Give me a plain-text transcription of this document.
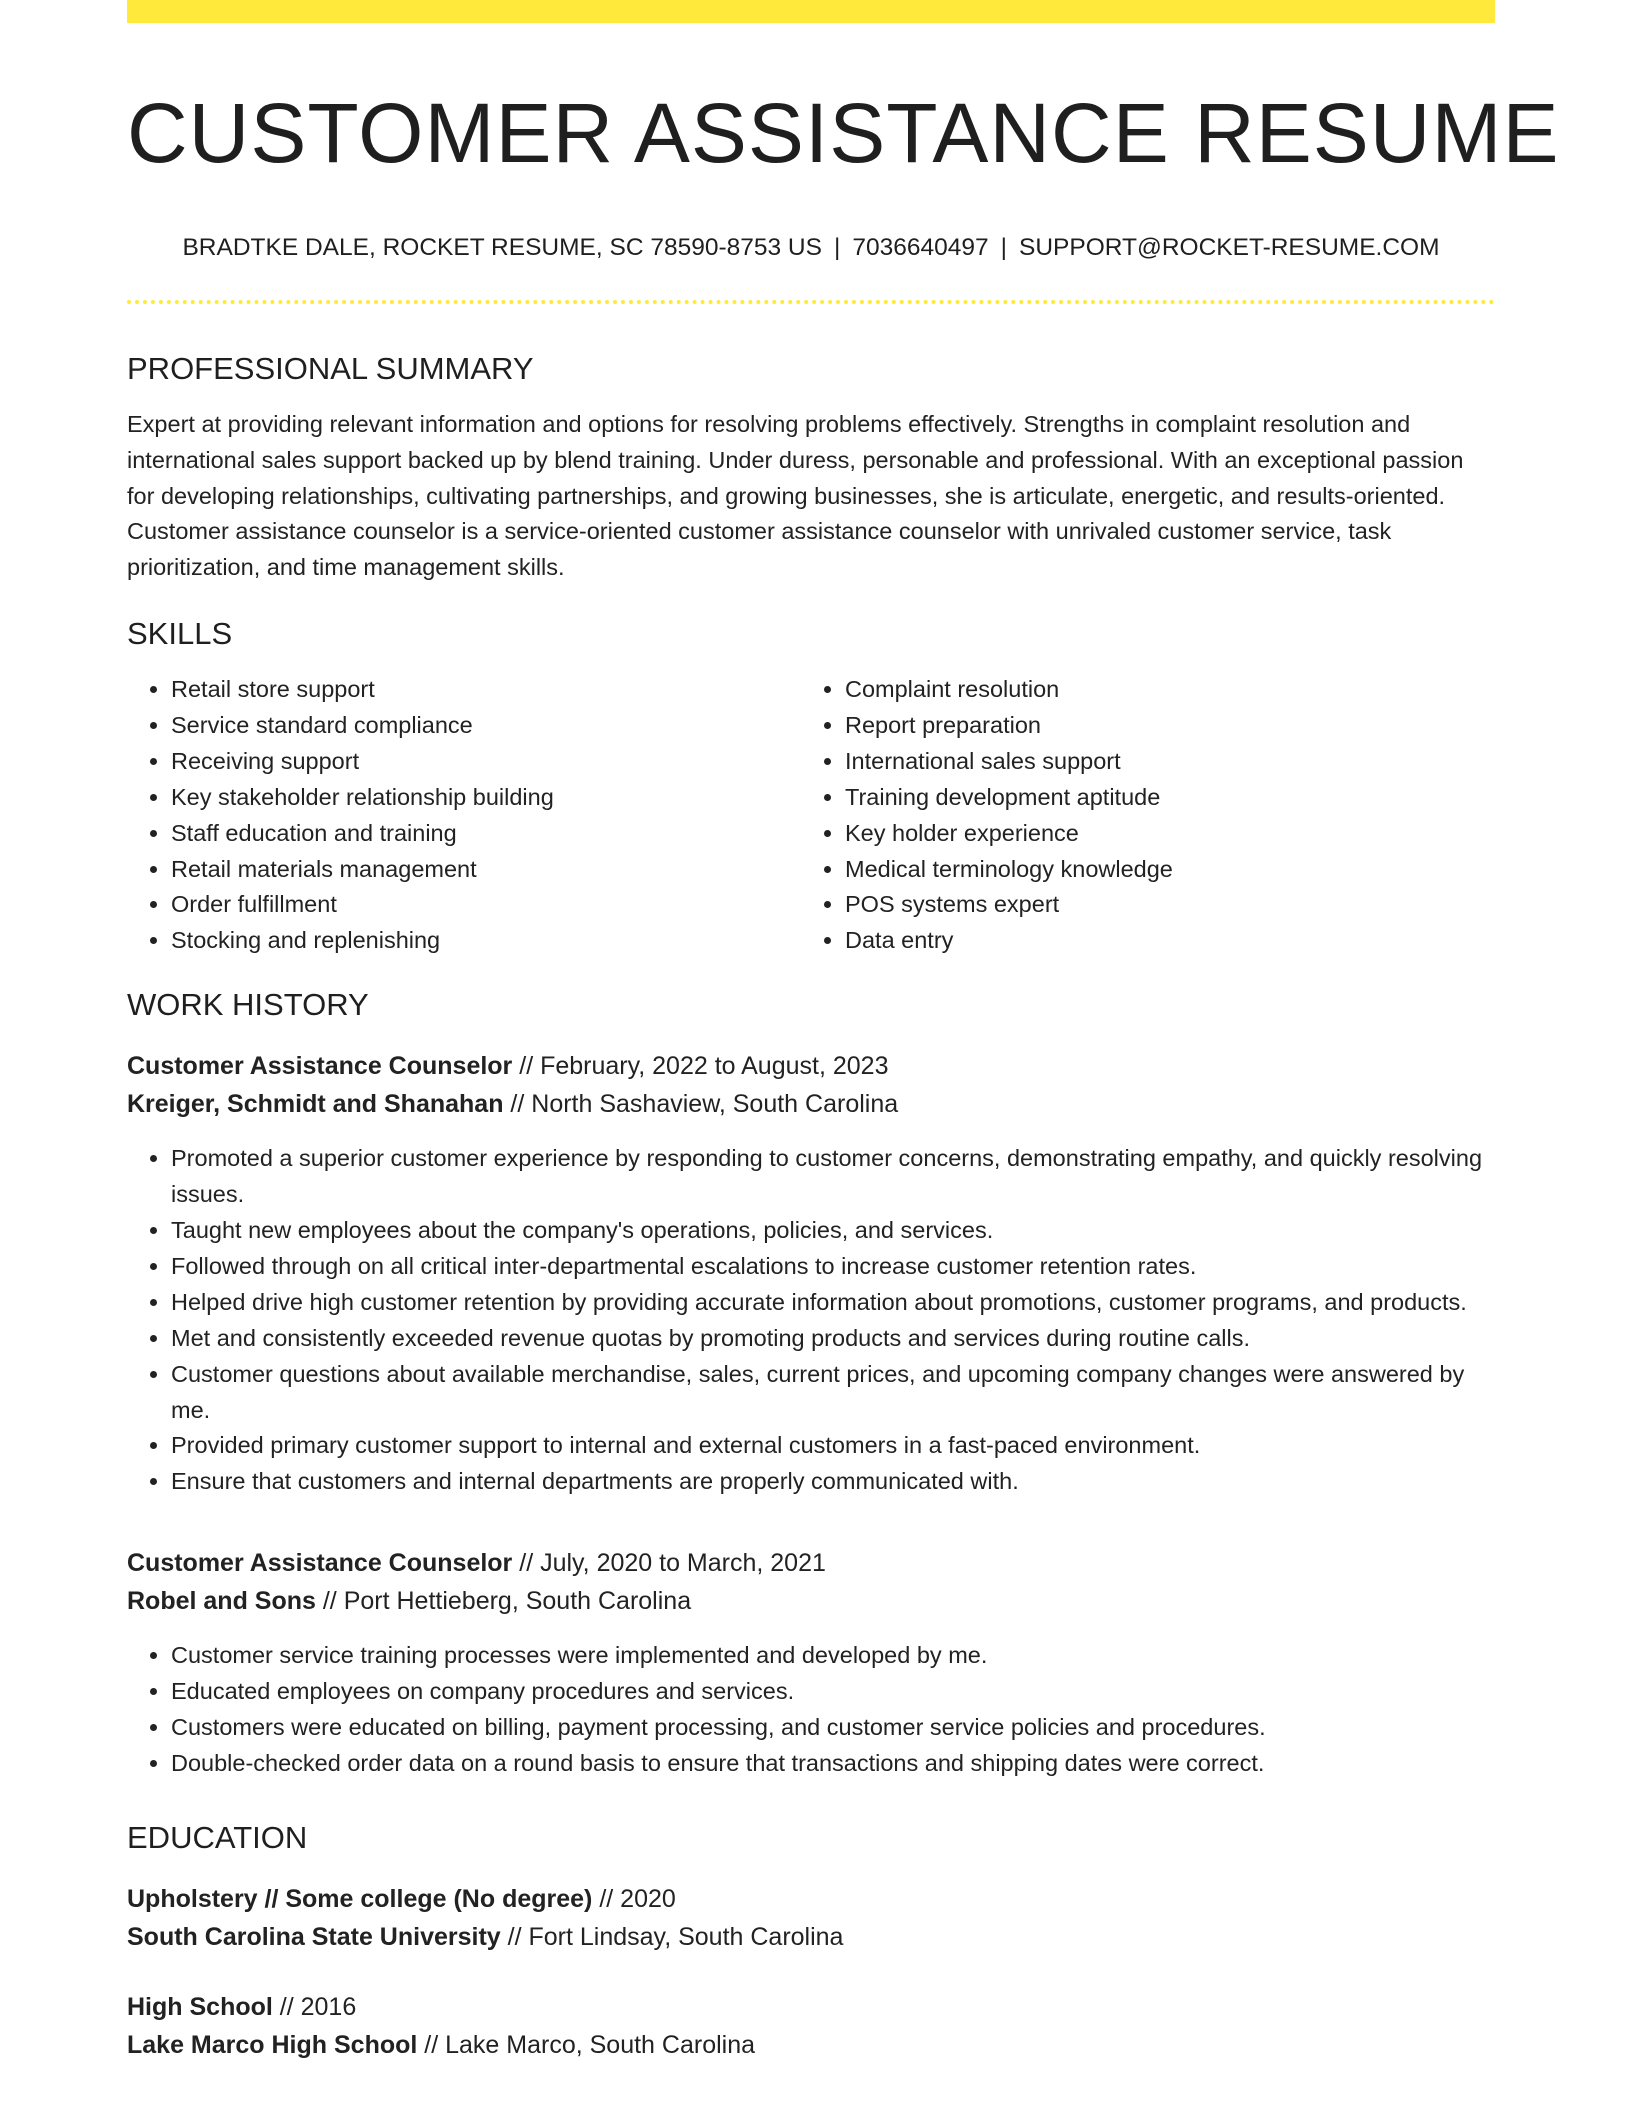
CUSTOMER ASSISTANCE RESUME
BRADTKE DALE, ROCKET RESUME, SC 78590-8753 US | 7036640497 | SUPPORT@ROCKET-RESUME.COM
PROFESSIONAL SUMMARY
Expert at providing relevant information and options for resolving problems effectively. Strengths in complaint resolution and international sales support backed up by blend training. Under duress, personable and professional. With an exceptional passion for developing relationships, cultivating partnerships, and growing businesses, she is articulate, energetic, and results-oriented. Customer assistance counselor is a service-oriented customer assistance counselor with unrivaled customer service, task prioritization, and time management skills.
SKILLS
• Retail store support
• Service standard compliance
• Receiving support
• Key stakeholder relationship building
• Staff education and training
• Retail materials management
• Order fulfillment
• Stocking and replenishing
• Complaint resolution
• Report preparation
• International sales support
• Training development aptitude
• Key holder experience
• Medical terminology knowledge
• POS systems expert
• Data entry
WORK HISTORY
Customer Assistance Counselor // February, 2022 to August, 2023
Kreiger, Schmidt and Shanahan // North Sashaview, South Carolina
• Promoted a superior customer experience by responding to customer concerns, demonstrating empathy, and quickly resolving issues.
• Taught new employees about the company's operations, policies, and services.
• Followed through on all critical inter-departmental escalations to increase customer retention rates.
• Helped drive high customer retention by providing accurate information about promotions, customer programs, and products.
• Met and consistently exceeded revenue quotas by promoting products and services during routine calls.
• Customer questions about available merchandise, sales, current prices, and upcoming company changes were answered by me.
• Provided primary customer support to internal and external customers in a fast-paced environment.
• Ensure that customers and internal departments are properly communicated with.
Customer Assistance Counselor // July, 2020 to March, 2021
Robel and Sons // Port Hettieberg, South Carolina
• Customer service training processes were implemented and developed by me.
• Educated employees on company procedures and services.
• Customers were educated on billing, payment processing, and customer service policies and procedures.
• Double-checked order data on a round basis to ensure that transactions and shipping dates were correct.
EDUCATION
Upholstery // Some college (No degree) // 2020
South Carolina State University // Fort Lindsay, South Carolina
High School // 2016
Lake Marco High School // Lake Marco, South Carolina
